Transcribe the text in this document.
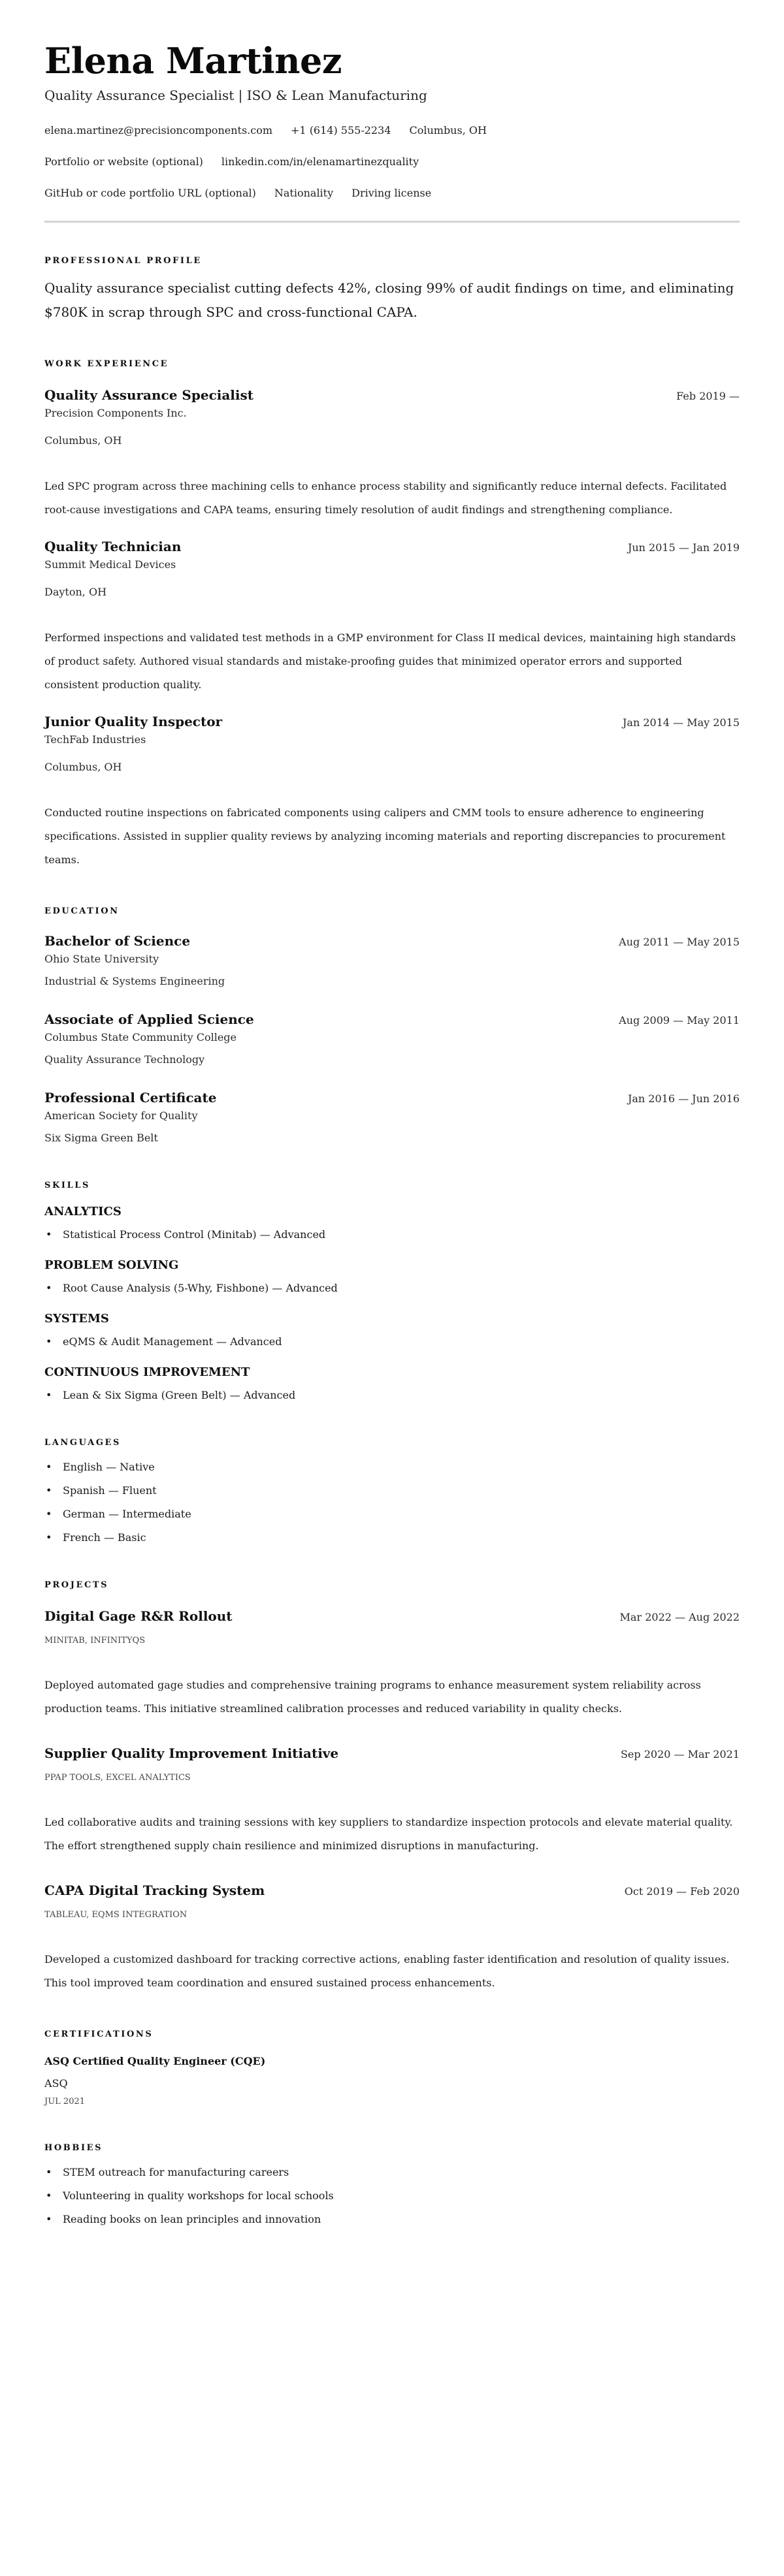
Elena Martinez
Quality Assurance Specialist | ISO & Lean Manufacturing
elena.martinez@precisioncomponents.com +1 (614) 555-2234 Columbus, OH
Portfolio or website (optional) linkedin.com/in/elenamartinezquality
GitHub or code portfolio URL (optional) Nationality Driving license
PROFESSIONAL PROFILE

Quality assurance specialist cutting defects 42%, closing 99% of audit findings on time, and eliminating $780K in scrap through SPC and cross-functional CAPA.

WORK EXPERIENCE
Quality Assurance Specialist	Feb 2019 —
Precision Components Inc.
Columbus, OH

Led SPC program across three machining cells to enhance process stability and significantly reduce internal defects. Facilitated root-cause investigations and CAPA teams, ensuring timely resolution of audit findings and strengthening compliance.

Quality Technician	Jun 2015 — Jan 2019
Summit Medical Devices
Dayton, OH

Performed inspections and validated test methods in a GMP environment for Class II medical devices, maintaining high standards of product safety. Authored visual standards and mistake-proofing guides that minimized operator errors and supported consistent production quality.

Junior Quality Inspector	Jan 2014 — May 2015
TechFab Industries
Columbus, OH

Conducted routine inspections on fabricated components using calipers and CMM tools to ensure adherence to engineering specifications. Assisted in supplier quality reviews by analyzing incoming materials and reporting discrepancies to procurement teams.

EDUCATION
Bachelor of Science	Aug 2011 — May 2015
Ohio State University
Industrial & Systems Engineering
Associate of Applied Science	Aug 2009 — May 2011
Columbus State Community College
Quality Assurance Technology
Professional Certificate	Jan 2016 — Jun 2016
American Society for Quality
Six Sigma Green Belt
SKILLS
ANALYTICS
• Statistical Process Control (Minitab) — Advanced
PROBLEM SOLVING
• Root Cause Analysis (5-Why, Fishbone) — Advanced
SYSTEMS
• eQMS & Audit Management — Advanced
CONTINUOUS IMPROVEMENT
• Lean & Six Sigma (Green Belt) — Advanced
LANGUAGES
• English — Native
• Spanish — Fluent
• German — Intermediate
• French — Basic
PROJECTS
Digital Gage R&R Rollout	Mar 2022 — Aug 2022
MINITAB, INFINITYQS

Deployed automated gage studies and comprehensive training programs to enhance measurement system reliability across production teams. This initiative streamlined calibration processes and reduced variability in quality checks.

Supplier Quality Improvement Initiative	Sep 2020 — Mar 2021
PPAP TOOLS, EXCEL ANALYTICS

Led collaborative audits and training sessions with key suppliers to standardize inspection protocols and elevate material quality. The effort strengthened supply chain resilience and minimized disruptions in manufacturing.

CAPA Digital Tracking System	Oct 2019 — Feb 2020
TABLEAU, EQMS INTEGRATION

Developed a customized dashboard for tracking corrective actions, enabling faster identification and resolution of quality issues. This tool improved team coordination and ensured sustained process enhancements.

CERTIFICATIONS
ASQ Certified Quality Engineer (CQE)
ASQ
JUL 2021
HOBBIES
• STEM outreach for manufacturing careers
• Volunteering in quality workshops for local schools
• Reading books on lean principles and innovation
